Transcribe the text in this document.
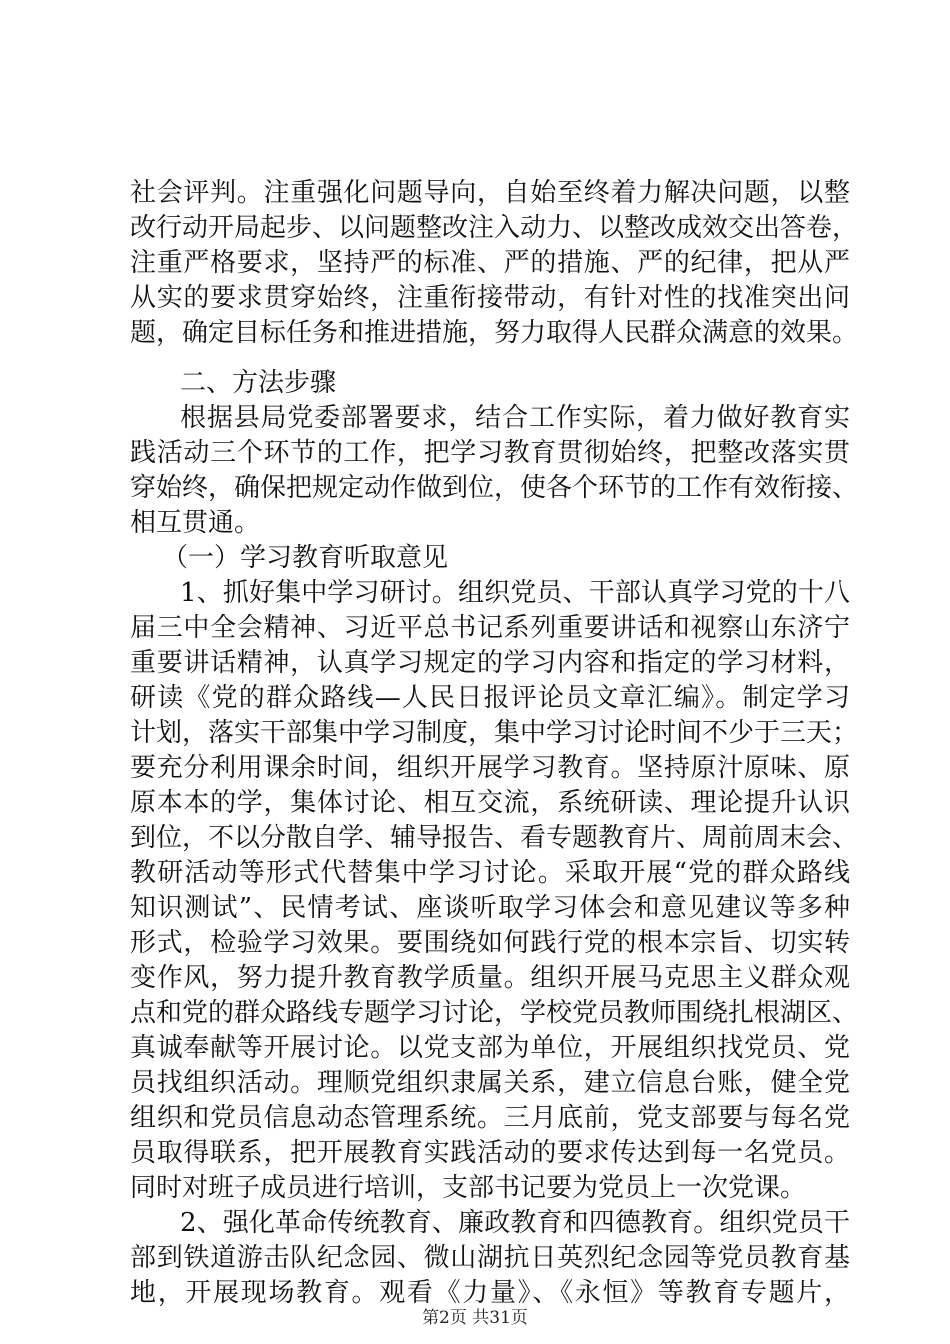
社会评判。注重强化问题导向，自始至终着力解决问题，以整
改行动开局起步、以问题整改注入动力、以整改成效交出答卷，
注重严格要求，坚持严的标准、严的措施、严的纪律，把从严
从实的要求贯穿始终，注重衔接带动，有针对性的找准突出问
题，确定目标任务和推进措施，努力取得人民群众满意的效果。
二、方法步骤
根据县局党委部署要求，结合工作实际，着力做好教育实
践活动三个环节的工作，把学习教育贯彻始终，把整改落实贯
穿始终，确保把规定动作做到位，使各个环节的工作有效衔接、
相互贯通。
（一）学习教育听取意见
1、抓好集中学习研讨。组织党员、干部认真学习党的十八
届三中全会精神、习近平总书记系列重要讲话和视察山东济宁
重要讲话精神，认真学习规定的学习内容和指定的学习材料，
研读《党的群众路线—人民日报评论员文章汇编》。制定学习
计划，落实干部集中学习制度，集中学习讨论时间不少于三天；
要充分利用课余时间，组织开展学习教育。坚持原汁原味、原
原本本的学，集体讨论、相互交流，系统研读、理论提升认识
到位，不以分散自学、辅导报告、看专题教育片、周前周末会、
教研活动等形式代替集中学习讨论。采取开展“党的群众路线
知识测试”、民情考试、座谈听取学习体会和意见建议等多种
形式，检验学习效果。要围绕如何践行党的根本宗旨、切实转
变作风，努力提升教育教学质量。组织开展马克思主义群众观
点和党的群众路线专题学习讨论，学校党员教师围绕扎根湖区、
真诚奉献等开展讨论。以党支部为单位，开展组织找党员、党
员找组织活动。理顺党组织隶属关系，建立信息台账，健全党
组织和党员信息动态管理系统。三月底前，党支部要与每名党
员取得联系，把开展教育实践活动的要求传达到每一名党员。
同时对班子成员进行培训，支部书记要为党员上一次党课。
2、强化革命传统教育、廉政教育和四德教育。组织党员干
部到铁道游击队纪念园、微山湖抗日英烈纪念园等党员教育基
地，开展现场教育。观看《力量》、《永恒》等教育专题片，
第2页 共31页
